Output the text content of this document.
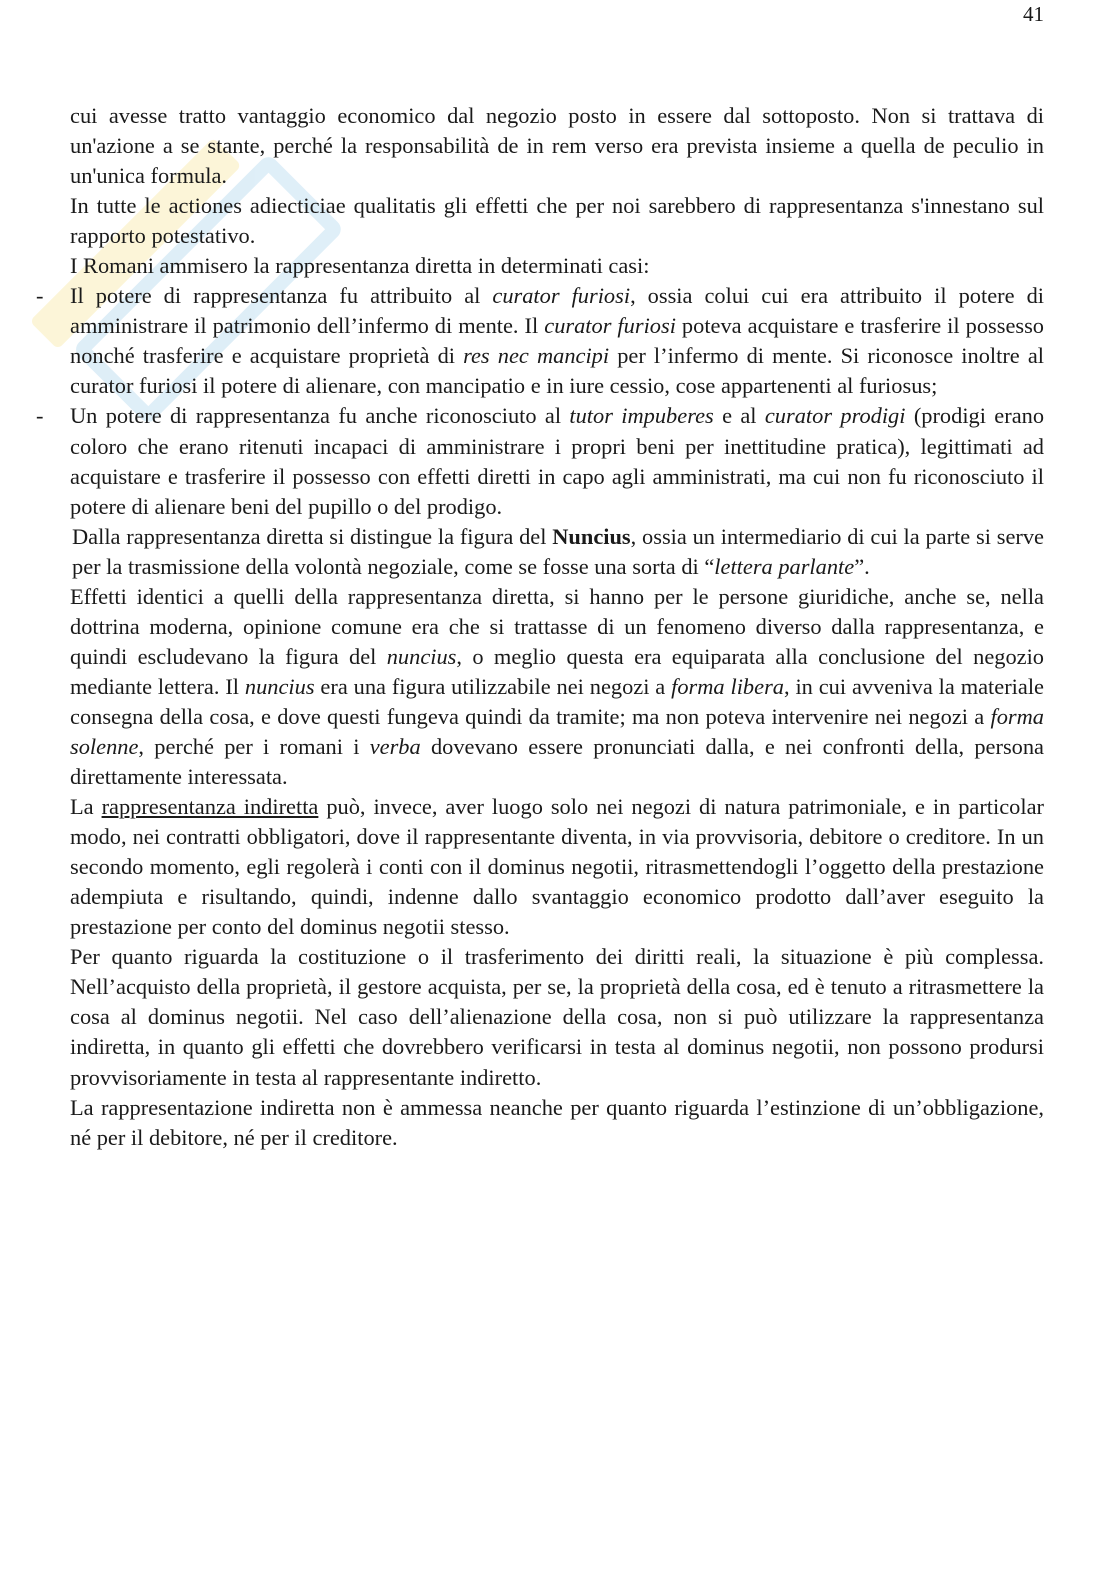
41

cui avesse tratto vantaggio economico dal negozio posto in essere dal sottoposto. Non si trattava di un'azione a se stante, perché la responsabilità de in rem verso era prevista insieme a quella de peculio in un'unica formula.

In tutte le actiones adiecticiae qualitatis gli effetti che per noi sarebbero di rappresentanza s'innestano sul rapporto potestativo.

I Romani ammisero la rappresentanza diretta in determinati casi:

- Il potere di rappresentanza fu attribuito al curator furiosi, ossia colui cui era attribuito il potere di amministrare il patrimonio dell’infermo di mente. Il curator furiosi poteva acquistare e trasferire il possesso nonché trasferire e acquistare proprietà di res nec mancipi per l’infermo di mente. Si riconosce inoltre al curator furiosi il potere di alienare, con mancipatio e in iure cessio, cose appartenenti al furiosus;
- Un potere di rappresentanza fu anche riconosciuto al tutor impuberes e al curator prodigi (prodigi erano coloro che erano ritenuti incapaci di amministrare i propri beni per inettitudine pratica), legittimati ad acquistare e trasferire il possesso con effetti diretti in capo agli amministrati, ma cui non fu riconosciuto il potere di alienare beni del pupillo o del prodigo.

Dalla rappresentanza diretta si distingue la figura del Nuncius, ossia un intermediario di cui la parte si serve per la trasmissione della volontà negoziale, come se fosse una sorta di “lettera parlante”.

Effetti identici a quelli della rappresentanza diretta, si hanno per le persone giuridiche, anche se, nella dottrina moderna, opinione comune era che si trattasse di un fenomeno diverso dalla rappresentanza, e quindi escludevano la figura del nuncius, o meglio questa era equiparata alla conclusione del negozio mediante lettera. Il nuncius era una figura utilizzabile nei negozi a forma libera, in cui avveniva la materiale consegna della cosa, e dove questi fungeva quindi da tramite; ma non poteva intervenire nei negozi a forma solenne, perché per i romani i verba dovevano essere pronunciati dalla, e nei confronti della, persona direttamente interessata.

La rappresentanza indiretta può, invece, aver luogo solo nei negozi di natura patrimoniale, e in particolar modo, nei contratti obbligatori, dove il rappresentante diventa, in via provvisoria, debitore o creditore. In un secondo momento, egli regolerà i conti con il dominus negotii, ritrasmettendogli l’oggetto della prestazione adempiuta e risultando, quindi, indenne dallo svantaggio economico prodotto dall’aver eseguito la prestazione per conto del dominus negotii stesso.

Per quanto riguarda la costituzione o il trasferimento dei diritti reali, la situazione è più complessa. Nell’acquisto della proprietà, il gestore acquista, per se, la proprietà della cosa, ed è tenuto a ritrasmettere la cosa al dominus negotii. Nel caso dell’alienazione della cosa, non si può utilizzare la rappresentanza indiretta, in quanto gli effetti che dovrebbero verificarsi in testa al dominus negotii, non possono prodursi provvisoriamente in testa al rappresentante indiretto.

La rappresentazione indiretta non è ammessa neanche per quanto riguarda l’estinzione di un’obbligazione, né per il debitore, né per il creditore.
